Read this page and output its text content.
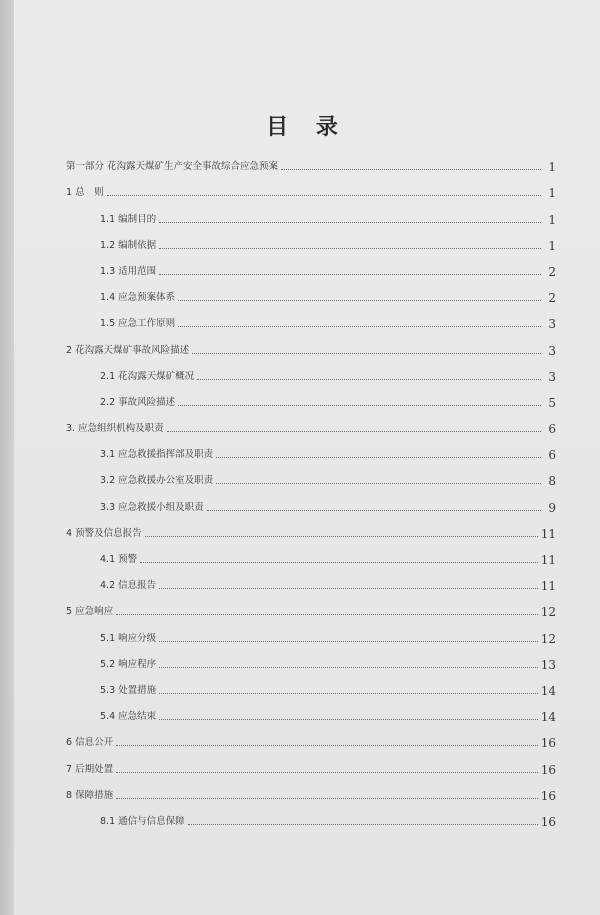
目 录
第一部分 花沟露天煤矿生产安全事故综合应急预案	1
1 总　则	1
1.1 编制目的	1
1.2 编制依据	1
1.3 适用范围	2
1.4 应急预案体系	2
1.5 应急工作原则	3
2 花沟露天煤矿事故风险描述	3
2.1 花沟露天煤矿概况	3
2.2 事故风险描述	5
3. 应急组织机构及职责	6
3.1 应急救援指挥部及职责	6
3.2 应急救援办公室及职责	8
3.3 应急救援小组及职责	9
4 预警及信息报告	11
4.1 预警	11
4.2 信息报告	11
5 应急响应	12
5.1 响应分级	12
5.2 响应程序	13
5.3 处置措施	14
5.4 应急结束	14
6 信息公开	16
7 后期处置	16
8 保障措施	16
8.1 通信与信息保障	16
